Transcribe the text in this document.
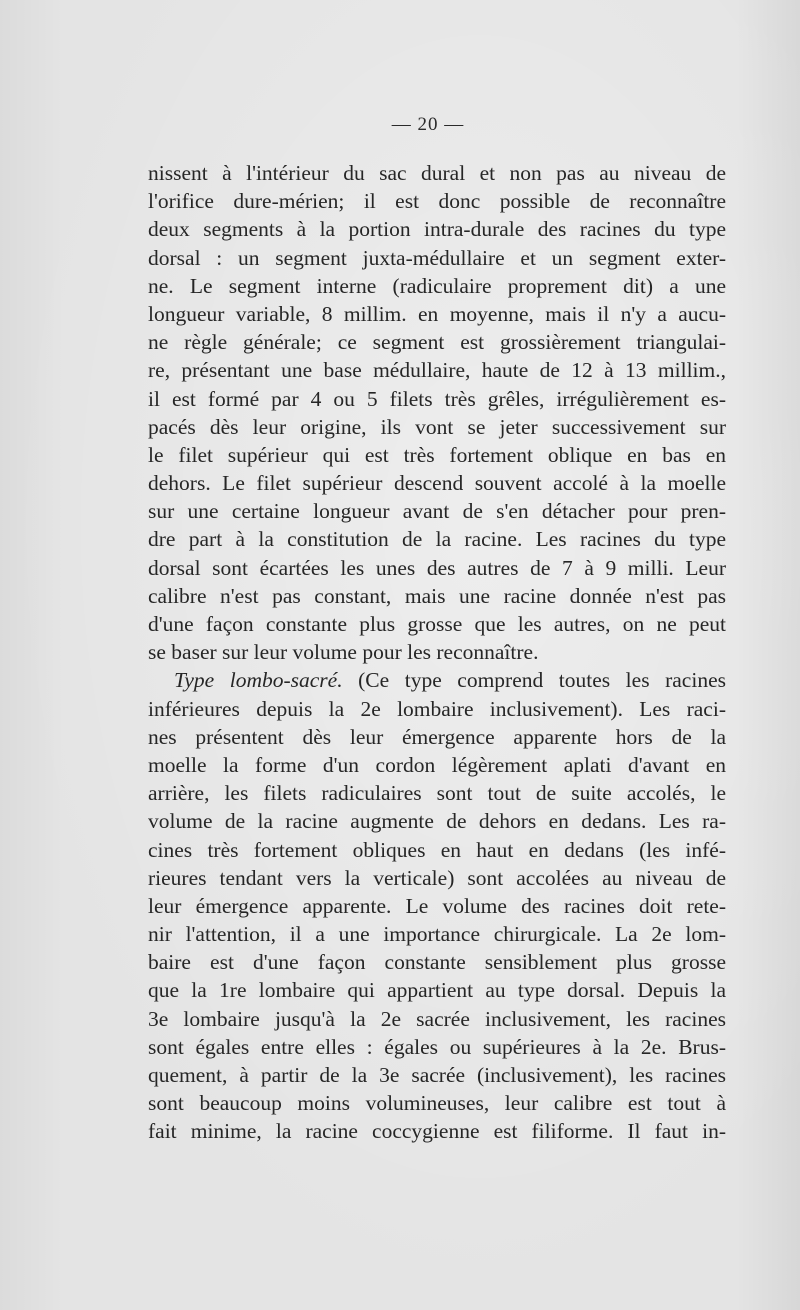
— 20 —
nissent à l'intérieur du sac dural et non pas au niveau de
l'orifice dure-mérien; il est donc possible de reconnaître
deux segments à la portion intra-durale des racines du type
dorsal : un segment juxta-médullaire et un segment exter-
ne. Le segment interne (radiculaire proprement dit) a une
longueur variable, 8 millim. en moyenne, mais il n'y a aucu-
ne règle générale; ce segment est grossièrement triangulai-
re, présentant une base médullaire, haute de 12 à 13 millim.,
il est formé par 4 ou 5 filets très grêles, irrégulièrement es-
pacés dès leur origine, ils vont se jeter successivement sur
le filet supérieur qui est très fortement oblique en bas en
dehors. Le filet supérieur descend souvent accolé à la moelle
sur une certaine longueur avant de s'en détacher pour pren-
dre part à la constitution de la racine. Les racines du type
dorsal sont écartées les unes des autres de 7 à 9 milli. Leur
calibre n'est pas constant, mais une racine donnée n'est pas
d'une façon constante plus grosse que les autres, on ne peut
se baser sur leur volume pour les reconnaître.
Type lombo-sacré. (Ce type comprend toutes les racines
inférieures depuis la 2e lombaire inclusivement). Les raci-
nes présentent dès leur émergence apparente hors de la
moelle la forme d'un cordon légèrement aplati d'avant en
arrière, les filets radiculaires sont tout de suite accolés, le
volume de la racine augmente de dehors en dedans. Les ra-
cines très fortement obliques en haut en dedans (les infé-
rieures tendant vers la verticale) sont accolées au niveau de
leur émergence apparente. Le volume des racines doit rete-
nir l'attention, il a une importance chirurgicale. La 2e lom-
baire est d'une façon constante sensiblement plus grosse
que la 1re lombaire qui appartient au type dorsal. Depuis la
3e lombaire jusqu'à la 2e sacrée inclusivement, les racines
sont égales entre elles : égales ou supérieures à la 2e. Brus-
quement, à partir de la 3e sacrée (inclusivement), les racines
sont beaucoup moins volumineuses, leur calibre est tout à
fait minime, la racine coccygienne est filiforme. Il faut in-
